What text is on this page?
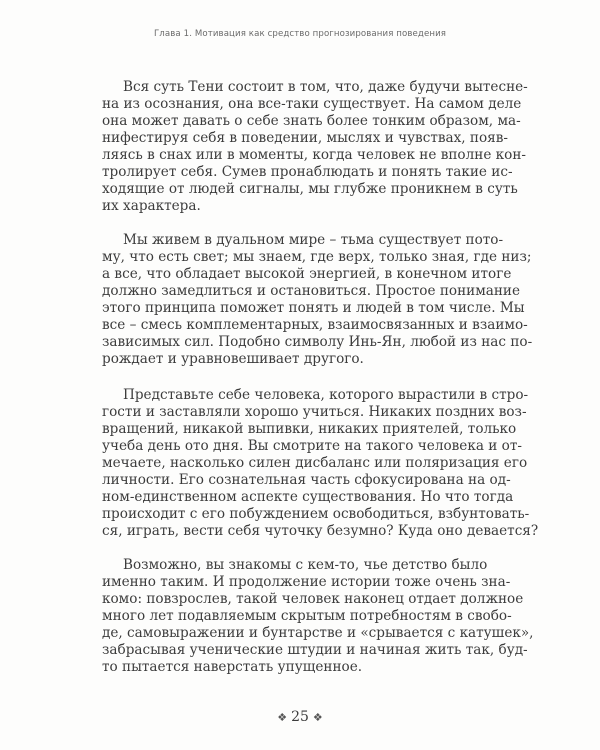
Глава 1. Мотивация как средство прогнозирования поведения
Вся суть Тени состоит в том, что, даже будучи вытесне-
на из осознания, она все-таки существует. На самом деле
она может давать о себе знать более тонким образом, ма-
нифестируя себя в поведении, мыслях и чувствах, появ-
ляясь в снах или в моменты, когда человек не вполне кон-
тролирует себя. Сумев пронаблюдать и понять такие ис-
ходящие от людей сигналы, мы глубже проникнем в суть
их характера.
Мы живем в дуальном мире – тьма существует пото-
му, что есть свет; мы знаем, где верх, только зная, где низ;
а все, что обладает высокой энергией, в конечном итоге
должно замедлиться и остановиться. Простое понимание
этого принципа поможет понять и людей в том числе. Мы
все – смесь комплементарных, взаимосвязанных и взаимо-
зависимых сил. Подобно символу Инь-Ян, любой из нас по-
рождает и уравновешивает другого.
Представьте себе человека, которого вырастили в стро-
гости и заставляли хорошо учиться. Никаких поздних воз-
вращений, никакой выпивки, никаких приятелей, только
учеба день ото дня. Вы смотрите на такого человека и от-
мечаете, насколько силен дисбаланс или поляризация его
личности. Его сознательная часть сфокусирована на од-
ном-единственном аспекте существования. Но что тогда
происходит с его побуждением освободиться, взбунтовать-
ся, играть, вести себя чуточку безумно? Куда оно девается?
Возможно, вы знакомы с кем-то, чье детство было
именно таким. И продолжение истории тоже очень зна-
комо: повзрослев, такой человек наконец отдает должное
много лет подавляемым скрытым потребностям в свобо-
де, самовыражении и бунтарстве и «срывается с катушек»,
забрасывая ученические штудии и начиная жить так, буд-
то пытается наверстать упущенное.
❖ 25 ❖
